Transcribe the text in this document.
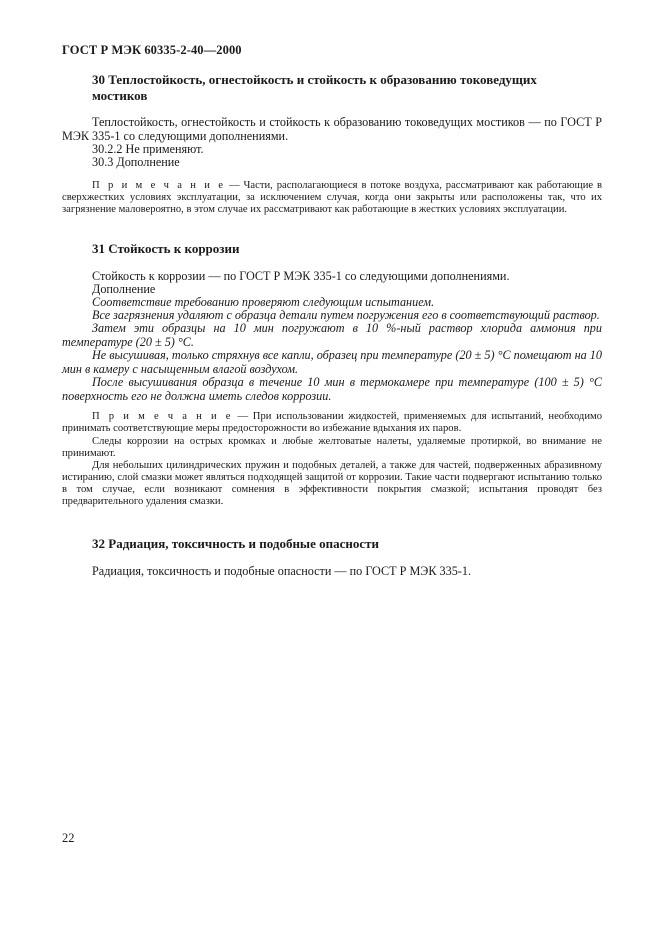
ГОСТ Р МЭК 60335-2-40—2000
30 Теплостойкость, огнестойкость и стойкость к образованию токоведущих мостиков
Теплостойкость, огнестойкость и стойкость к образованию токоведущих мостиков — по ГОСТ Р МЭК 335-1 со следующими дополнениями.
30.2.2 Не применяют.
30.3 Дополнение
П р и м е ч а н и е — Части, располагающиеся в потоке воздуха, рассматривают как работающие в сверхжестких условиях эксплуатации, за исключением случая, когда они закрыты или расположены так, что их загрязнение маловероятно, в этом случае их рассматривают как работающие в жестких условиях эксплуатации.
31 Стойкость к коррозии
Стойкость к коррозии — по ГОСТ Р МЭК 335-1 со следующими дополнениями.
Дополнение
Соответствие требованию проверяют следующим испытанием.
Все загрязнения удаляют с образца детали путем погружения его в соответствующий раствор.
Затем эти образцы на 10 мин погружают в 10 %-ный раствор хлорида аммония при температуре (20 ± 5) °С.
Не высушивая, только стряхнув все капли, образец при температуре (20 ± 5) °С помещают на 10 мин в камеру с насыщенным влагой воздухом.
После высушивания образца в течение 10 мин в термокамере при температуре (100 ± 5) °С поверхность его не должна иметь следов коррозии.
П р и м е ч а н и е — При использовании жидкостей, применяемых для испытаний, необходимо принимать соответствующие меры предосторожности во избежание вдыхания их паров.
Следы коррозии на острых кромках и любые желтоватые налеты, удаляемые протиркой, во внимание не принимают.
Для небольших цилиндрических пружин и подобных деталей, а также для частей, подверженных абразивному истиранию, слой смазки может являться подходящей защитой от коррозии. Такие части подвергают испытанию только в том случае, если возникают сомнения в эффективности покрытия смазкой; испытания проводят без предварительного удаления смазки.
32 Радиация, токсичность и подобные опасности
Радиация, токсичность и подобные опасности — по ГОСТ Р МЭК 335-1.
22
